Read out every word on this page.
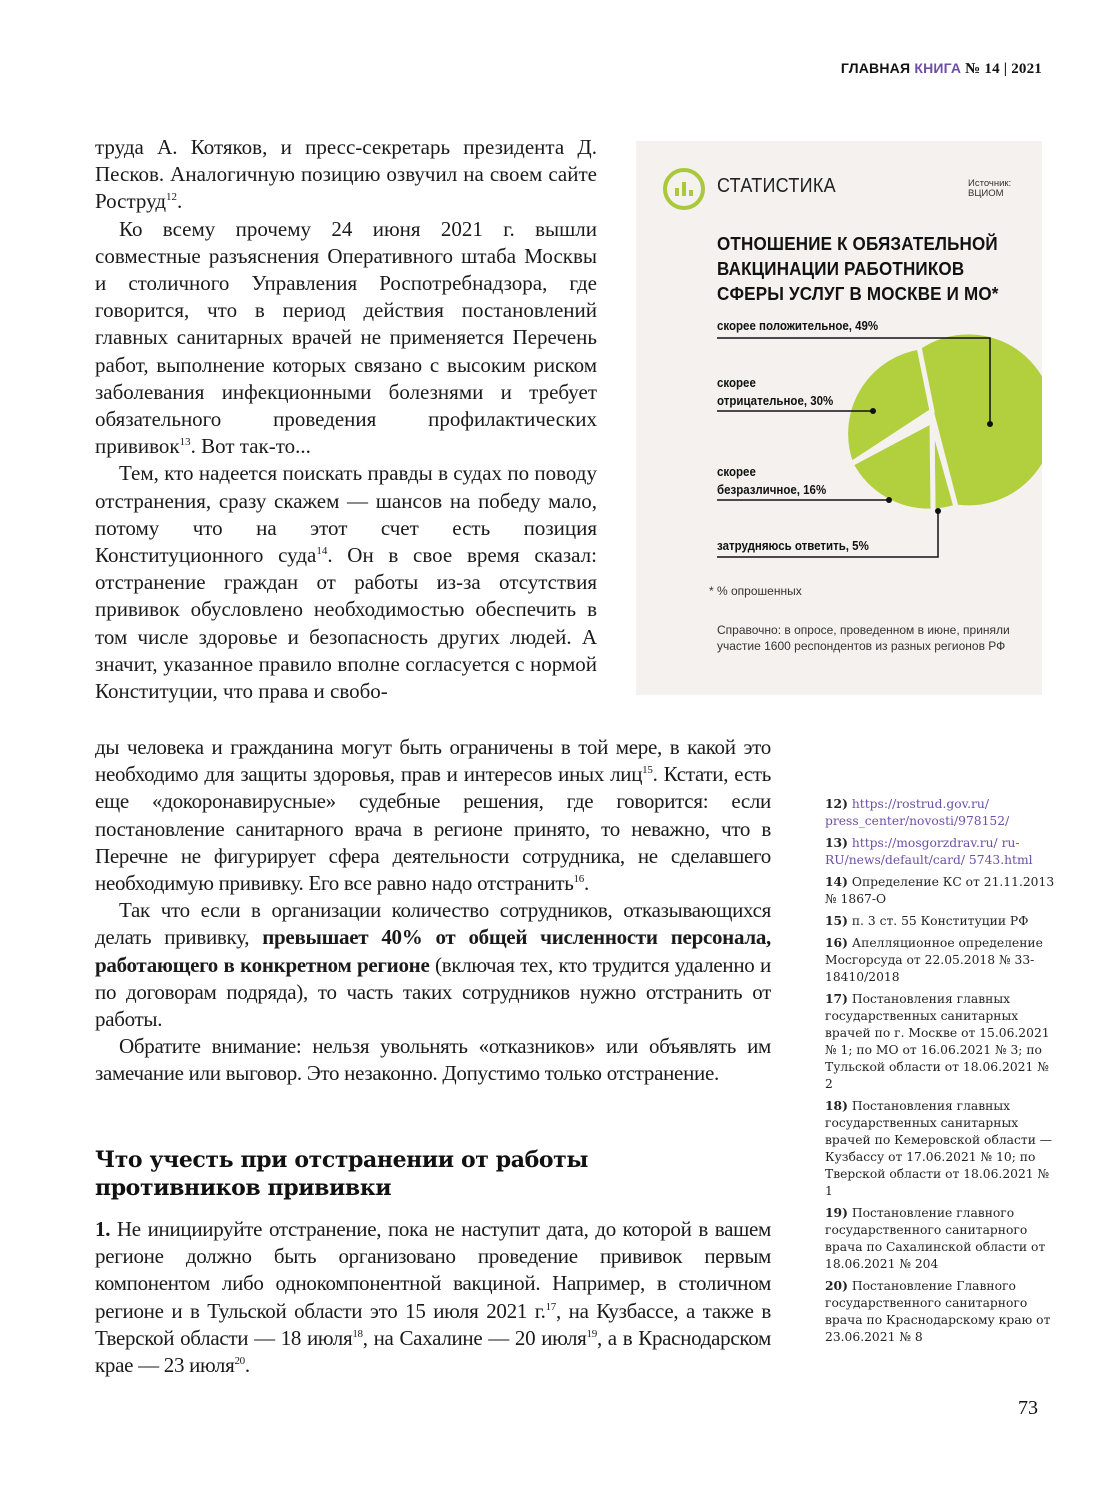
ГЛАВНАЯ КНИГА № 14 | 2021

труда А. Котяков, и пресс-секретарь президента Д. Песков. Аналогичную позицию озвучил на своем сайте Роструд$^{12}$.

Ко всему прочему 24 июня 2021 г. вышли совместные разъяснения Оперативного штаба Москвы и столичного Управления Роспотребнадзора, где говорится, что в период действия постановлений главных санитарных врачей не применяется Перечень работ, выполнение которых связано с высоким риском заболевания инфекционными болезнями и требует обязательного проведения профилактических прививок$^{13}$. Вот так-то...

Тем, кто надеется поискать правды в судах по поводу отстранения, сразу скажем — шансов на победу мало, потому что на этот счет есть позиция Конституционного суда$^{14}$. Он в свое время сказал: отстранение граждан от работы из-за отсутствия прививок обусловлено необходимостью обеспечить в том числе здоровье и безопасность других людей. А значит, указанное правило вполне согласуется с нормой Конституции, что права и свобо-

ды человека и гражданина могут быть ограничены в той мере, в какой это необходимо для защиты здоровья, прав и интересов иных лиц$^{15}$. Кстати, есть еще «докоронавирусные» судебные решения, где говорится: если постановление санитарного врача в регионе принято, то неважно, что в Перечне не фигурирует сфера деятельности сотрудника, не сделавшего необходимую прививку. Его все равно надо отстранить$^{16}$.

Так что если в организации количество сотрудников, отказывающихся делать прививку, превышает 40% от общей численности персонала, работающего в конкретном регионе (включая тех, кто трудится удаленно и по договорам подряда), то часть таких сотрудников нужно отстранить от работы.

Обратите внимание: нельзя увольнять «отказников» или объявлять им замечание или выговор. Это незаконно. Допустимо только отстранение.

Что учесть при отстранении от работы противников прививки

1. Не инициируйте отстранение, пока не наступит дата, до которой в вашем регионе должно быть организовано проведение прививок первым компонентом либо однокомпонентной вакциной. Например, в столичном регионе и в Тульской области это 15 июля 2021 г.$^{17}$, на Кузбассе, а также в Тверской области — 18 июля$^{18}$, на Сахалине — 20 июля$^{19}$, а в Краснодарском крае — 23 июля$^{20}$.

СТАТИСТИКА	Источник:
ВЦИОМ
ОТНОШЕНИЕ К ОБЯЗАТЕЛЬНОЙ ВАКЦИНАЦИИ РАБОТНИКОВ СФЕРЫ УСЛУГ В МОСКВЕ И МО*
скорее положительное, 49%
скорее
отрицательное, 30%
скорее
безразличное, 16%
затрудняюсь ответить, 5%
* % опрошенных
Справочно: в опросе, проведенном в июне, приняли участие 1600 респондентов из разных регионов РФ

12) https://rostrud.gov.ru/ press_center/novosti/978152/

13) https://mosgorzdrav.ru/ ru-RU/news/default/card/ 5743.html

14) Определение КС от 21.11.2013 № 1867-О

15) п. 3 ст. 55 Конституции РФ

16) Апелляционное определение Мосгорсуда от 22.05.2018 № 33-18410/2018

17) Постановления главных государственных санитарных врачей по г. Москве от 15.06.2021 № 1; по МО от 16.06.2021 № 3; по Тульской области от 18.06.2021 № 2

18) Постановления главных государственных санитарных врачей по Кемеровской области — Кузбассу от 17.06.2021 № 10; по Тверской области от 18.06.2021 № 1

19) Постановление главного государственного санитарного врача по Сахалинской области от 18.06.2021 № 204

20) Постановление Главного государственного санитарного врача по Краснодарскому краю от 23.06.2021 № 8

73
